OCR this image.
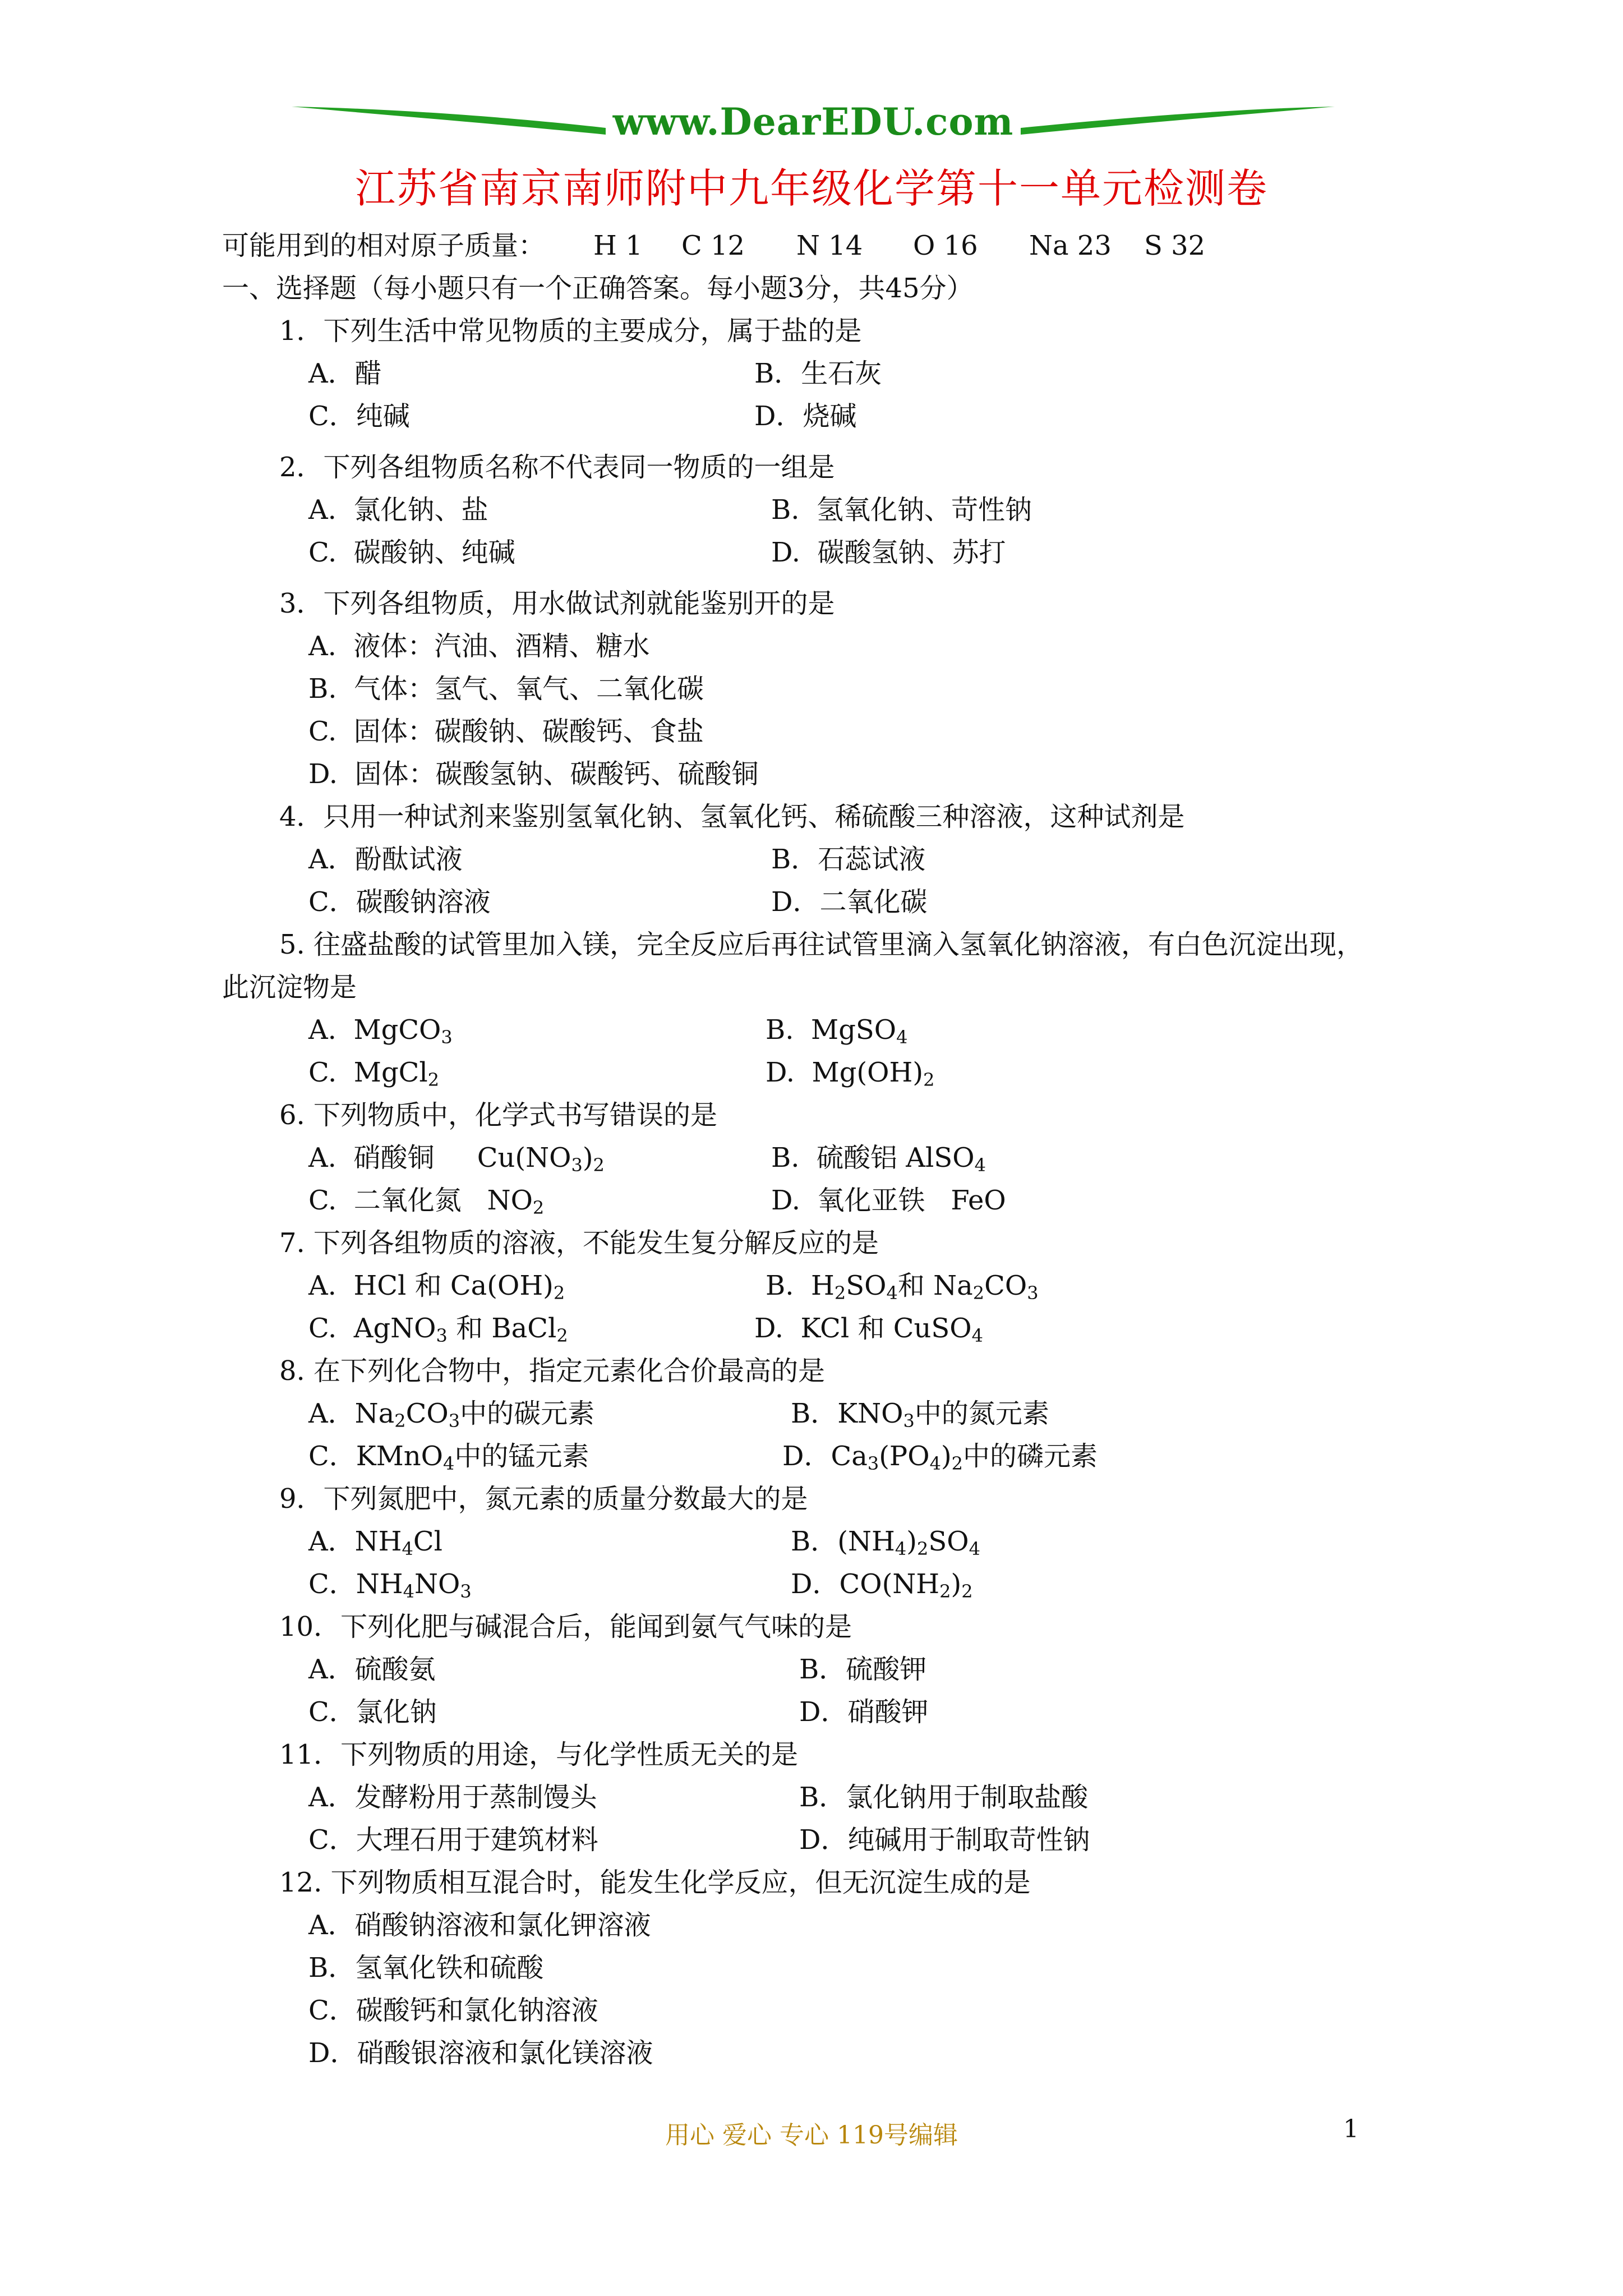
www.DearEDU.com
江苏省南京南师附中九年级化学第十一单元检测卷
可能用到的相对原子质量： H 1 C 12 N 14 O 16 Na 23 S 32
一、选择题（每小题只有一个正确答案。每小题3分，共45分）
1．下列生活中常见物质的主要成分，属于盐的是
A．醋	B．生石灰
C．纯碱	D．烧碱
2．下列各组物质名称不代表同一物质的一组是
A.  氯化钠、盐	B.  氢氧化钠、苛性钠
C.  碳酸钠、纯碱	D.  碳酸氢钠、苏打
3．下列各组物质，用水做试剂就能鉴别开的是
A.  液体：汽油、酒精、糖水
B.  气体：氢气、氧气、二氧化碳
C.  固体：碳酸钠、碳酸钙、食盐
D.  固体：碳酸氢钠、碳酸钙、硫酸铜
4．只用一种试剂来鉴别氢氧化钠、氢氧化钙、稀硫酸三种溶液，这种试剂是
A．酚酞试液	B．石蕊试液
C．碳酸钠溶液	D．二氧化碳
5. 往盛盐酸的试管里加入镁，完全反应后再往试管里滴入氢氧化钠溶液，有白色沉淀出现，
此沉淀物是
A.  MgCO$_3$	B.  MgSO$_4$
C.  MgCl$_2$	D.  $Mg(OH)_2$
6. 下列物质中，化学式书写错误的是
A.  硝酸铜     $Cu(NO_3)_2$	B.  硫酸铝 AlSO$_4$
C.  二氧化氮   $NO_2$	D.  氧化亚铁   FeO
7. 下列各组物质的溶液，不能发生复分解反应的是
A.  HCl 和 $Ca(OH)_2$	B.  $H_2SO_4$和 $Na_2CO_3$
C.  AgNO$_3$ 和 BaCl$_2$	D.  KCl 和 CuSO$_4$
8. 在下列化合物中，指定元素化合价最高的是
A．$Na_2CO_3$中的碳元素	B．$KNO_3$中的氮元素
C．KMnO$_4$中的锰元素	D．$Ca_3(PO_4)_2$中的磷元素
9．下列氮肥中，氮元素的质量分数最大的是
A．$NH_4Cl$	B．$(NH_4)_2SO_4$
C．$NH_4NO_3$	D．$CO(NH_2)_2$
10．下列化肥与碱混合后，能闻到氨气气味的是
A．硫酸氨	B．硫酸钾
C．氯化钠	D．硝酸钾
11．下列物质的用途，与化学性质无关的是
A．发酵粉用于蒸制馒头	B．氯化钠用于制取盐酸
C．大理石用于建筑材料	D．纯碱用于制取苛性钠
12. 下列物质相互混合时，能发生化学反应，但无沉淀生成的是
A．硝酸钠溶液和氯化钾溶液
B．氢氧化铁和硫酸
C．碳酸钙和氯化钠溶液
D．硝酸银溶液和氯化镁溶液
用心 爱心 专心 119号编辑	1
